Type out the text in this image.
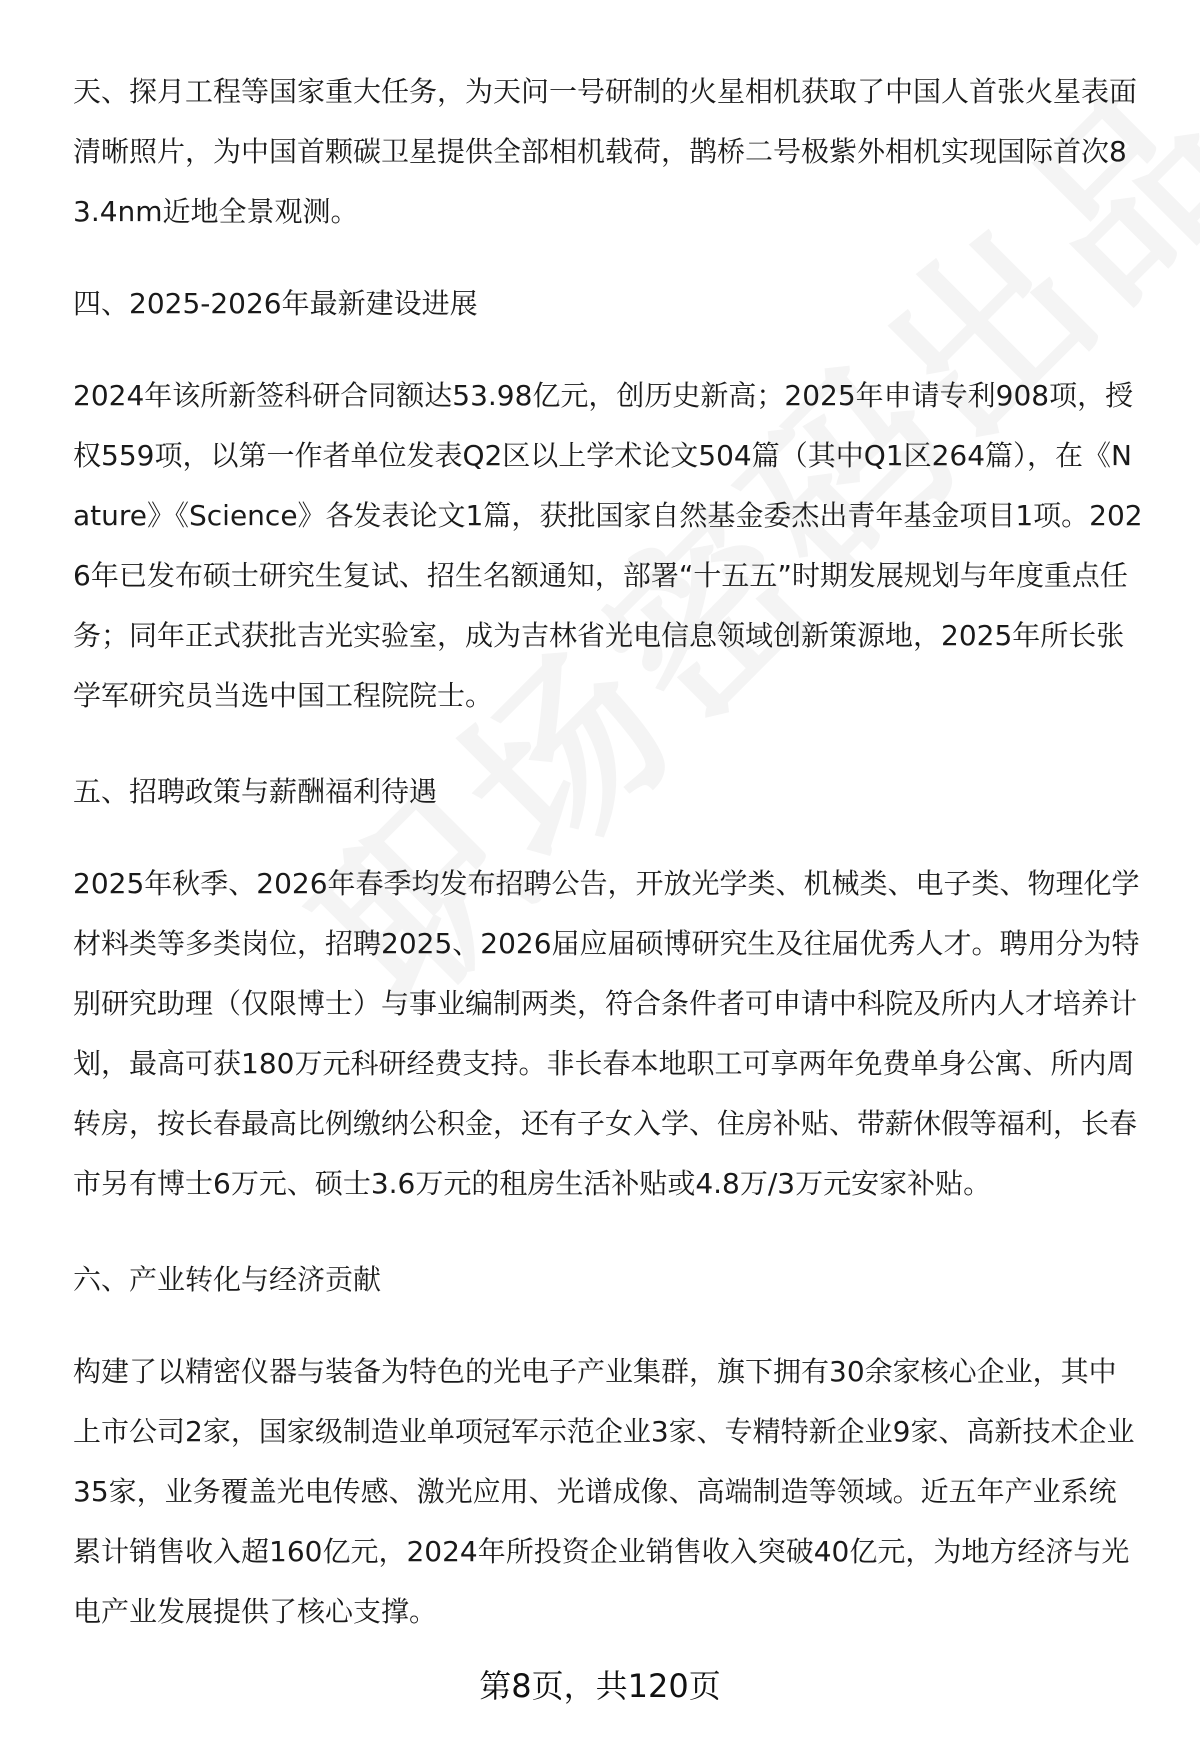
天、探月工程等国家重大任务，为天问一号研制的火星相机获取了中国人首张火星表面清晰照片，为中国首颗碳卫星提供全部相机载荷，鹊桥二号极紫外相机实现国际首次83.4nm近地全景观测。

四、2025-2026年最新建设进展

2024年该所新签科研合同额达53.98亿元，创历史新高；2025年申请专利908项，授权559项，以第一作者单位发表Q2区以上学术论文504篇（其中Q1区264篇），在《Nature》《Science》各发表论文1篇，获批国家自然基金委杰出青年基金项目1项。2026年已发布硕士研究生复试、招生名额通知，部署“十五五”时期发展规划与年度重点任务；同年正式获批吉光实验室，成为吉林省光电信息领域创新策源地，2025年所长张学军研究员当选中国工程院院士。

五、招聘政策与薪酬福利待遇

2025年秋季、2026年春季均发布招聘公告，开放光学类、机械类、电子类、物理化学材料类等多类岗位，招聘2025、2026届应届硕博研究生及往届优秀人才。聘用分为特别研究助理（仅限博士）与事业编制两类，符合条件者可申请中科院及所内人才培养计划，最高可获180万元科研经费支持。非长春本地职工可享两年免费单身公寓、所内周转房，按长春最高比例缴纳公积金，还有子女入学、住房补贴、带薪休假等福利，长春市另有博士6万元、硕士3.6万元的租房生活补贴或4.8万/3万元安家补贴。

六、产业转化与经济贡献

构建了以精密仪器与装备为特色的光电子产业集群，旗下拥有30余家核心企业，其中上市公司2家，国家级制造业单项冠军示范企业3家、专精特新企业9家、高新技术企业35家，业务覆盖光电传感、激光应用、光谱成像、高端制造等领域。近五年产业系统累计销售收入超160亿元，2024年所投资企业销售收入突破40亿元，为地方经济与光电产业发展提供了核心支撑。

第8页，共120页
